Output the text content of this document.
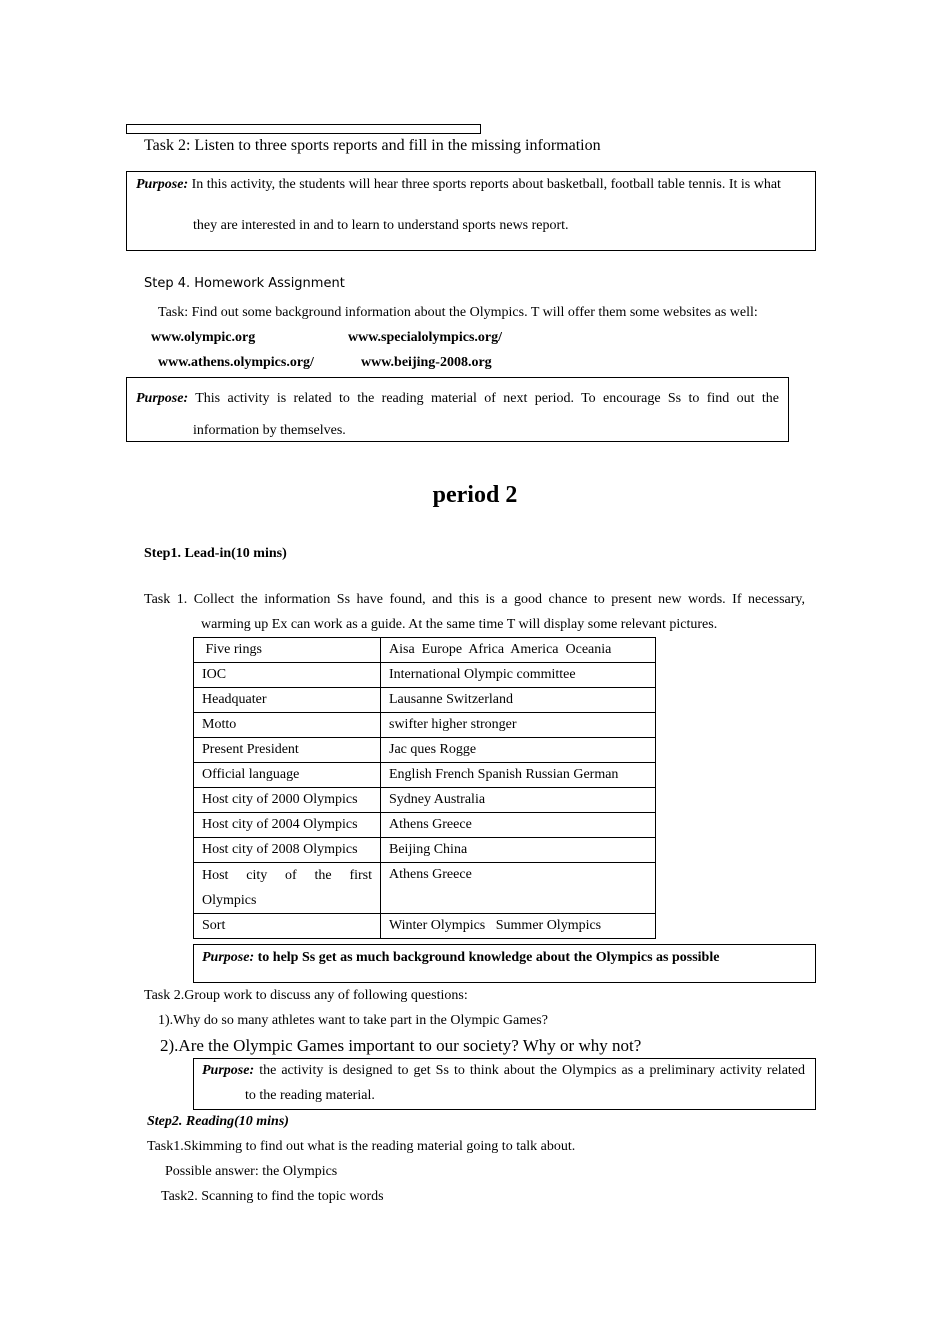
Task 2: Listen to three sports reports and fill in the missing information
Purpose: In this activity, the students will hear three sports reports about basketball, football table tennis. It is what
they are interested in and to learn to understand sports news report.
Step 4. Homework Assignment
Task: Find out some background information about the Olympics. T will offer them some websites as well:
www.olympic.org	www.specialolympics.org/
www.athens.olympics.org/	www.beijing-2008.org
Purpose: This activity is related to the reading material of next period. To encourage Ss to find out the
information by themselves.
period 2
Step1. Lead-in(10 mins)
Task 1. Collect the information Ss have found, and this is a good chance to present new words. If necessary,
warming up Ex can work as a guide. At the same time T will display some relevant pictures.
Five rings	Aisa  Europe  Africa  America  Oceania
IOC	International Olympic committee
Headquater	Lausanne Switzerland
Motto	swifter higher stronger
Present President	Jac ques Rogge
Official language	English French Spanish Russian German
Host city of 2000 Olympics	Sydney Australia
Host city of 2004 Olympics	Athens Greece
Host city of 2008 Olympics	Beijing China
Host city of the first Olympics	Athens Greece
Sort	Winter Olympics   Summer Olympics
Purpose: to help Ss get as much background knowledge about the Olympics as possible
Task 2.Group work to discuss any of following questions:
1).Why do so many athletes want to take part in the Olympic Games?
2).Are the Olympic Games important to our society? Why or why not?
Purpose: the activity is designed to get Ss to think about the Olympics as a preliminary activity related
to the reading material.
Step2. Reading(10 mins)
Task1.Skimming to find out what is the reading material going to talk about.
Possible answer: the Olympics
Task2. Scanning to find the topic words
